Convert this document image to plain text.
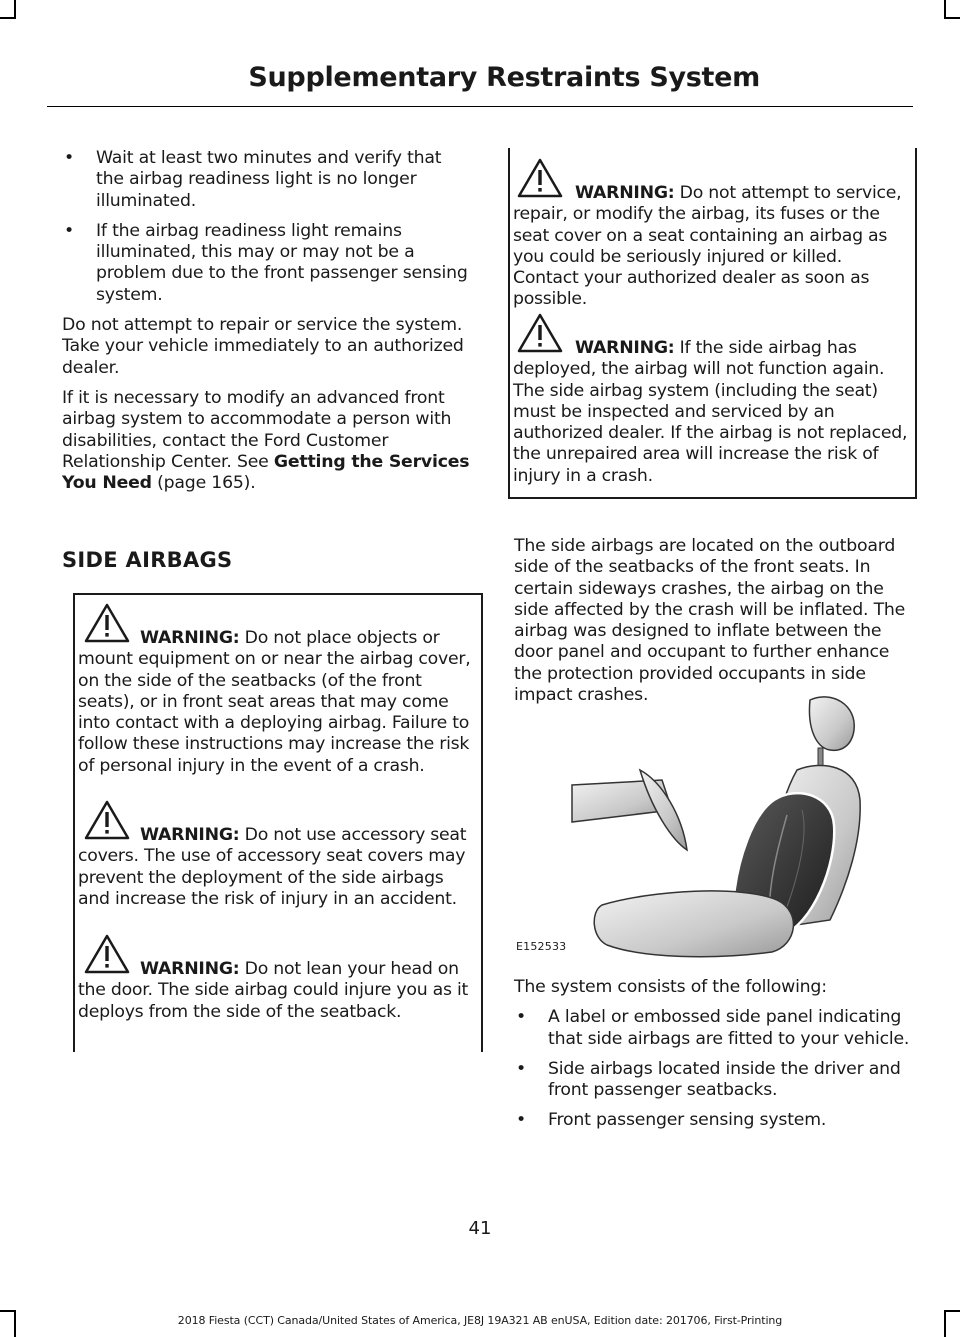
Supplementary Restraints System
• Wait at least two minutes and verify that the airbag readiness light is no longer illuminated.
• If the airbag readiness light remains illuminated, this may or may not be a problem due to the front passenger sensing system.

Do not attempt to repair or service the system. Take your vehicle immediately to an authorized dealer.

If it is necessary to modify an advanced front airbag system to accommodate a person with disabilities, contact the Ford Customer Relationship Center. See Getting the Services You Need (page 165).

SIDE AIRBAGS
WARNING: Do not place objects or mount equipment on or near the airbag cover, on the side of the seatbacks (of the front seats), or in front seat areas that may come into contact with a deploying airbag. Failure to follow these instructions may increase the risk of personal injury in the event of a crash.
WARNING: Do not use accessory seat covers. The use of accessory seat covers may prevent the deployment of the side airbags and increase the risk of injury in an accident.
WARNING: Do not lean your head on the door. The side airbag could injure you as it deploys from the side of the seatback.
WARNING: Do not attempt to service, repair, or modify the airbag, its fuses or the seat cover on a seat containing an airbag as you could be seriously injured or killed. Contact your authorized dealer as soon as possible.
WARNING: If the side airbag has deployed, the airbag will not function again. The side airbag system (including the seat) must be inspected and serviced by an authorized dealer. If the airbag is not replaced, the unrepaired area will increase the risk of injury in a crash.

The side airbags are located on the outboard side of the seatbacks of the front seats. In certain sideways crashes, the airbag on the side affected by the crash will be inflated. The airbag was designed to inflate between the door panel and occupant to further enhance the protection provided occupants in side impact crashes.

E152533

The system consists of the following:

• A label or embossed side panel indicating that side airbags are fitted to your vehicle.
• Side airbags located inside the driver and front passenger seatbacks.
• Front passenger sensing system.
41
2018 Fiesta (CCT) Canada/United States of America, JE8J 19A321 AB enUSA, Edition date: 201706, First-Printing
